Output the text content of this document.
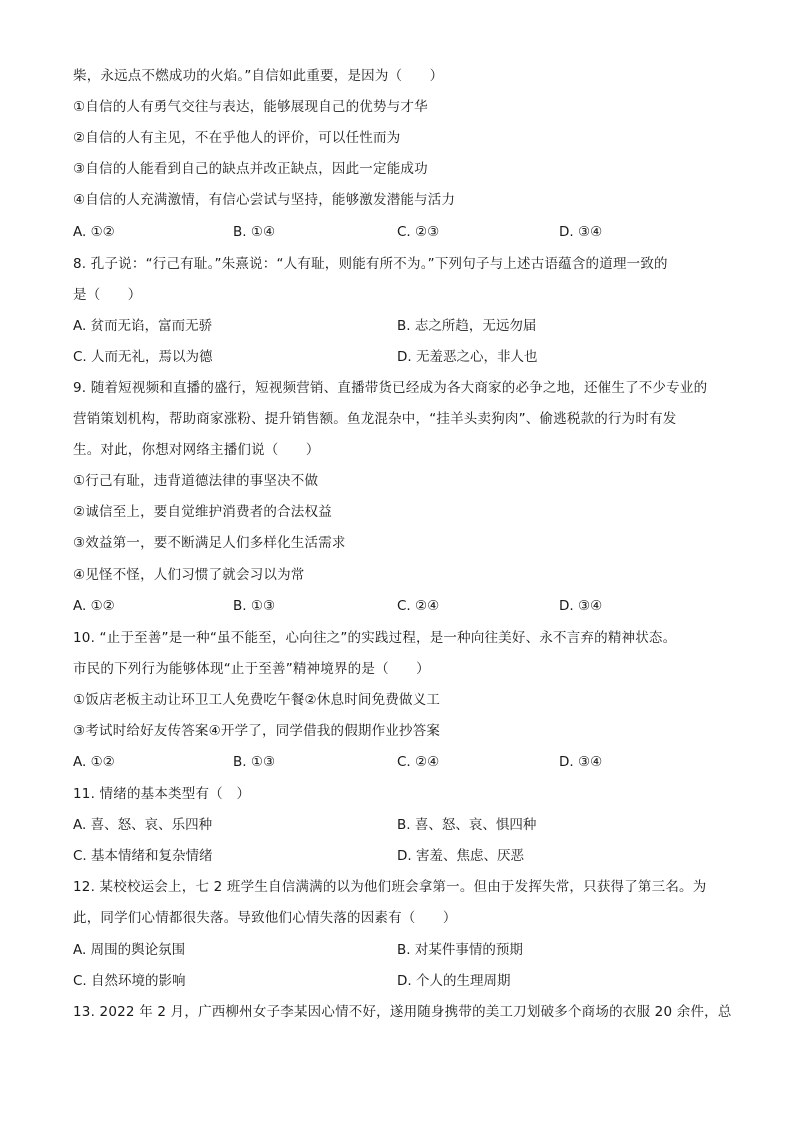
柴，永远点不燃成功的火焰。”自信如此重要，是因为（　　）
①自信的人有勇气交往与表达，能够展现自己的优势与才华
②自信的人有主见，不在乎他人的评价，可以任性而为
③自信的人能看到自己的缺点并改正缺点，因此一定能成功
④自信的人充满激情，有信心尝试与坚持，能够激发潜能与活力
A. ①②	B. ①④	C. ②③	D. ③④
8. 孔子说：“行己有耻。”朱熹说：“人有耻，则能有所不为。”下列句子与上述古语蕴含的道理一致的
是（　　）
A. 贫而无谄，富而无骄	B. 志之所趋，无远勿届
C. 人而无礼，焉以为德	D. 无羞恶之心，非人也
9. 随着短视频和直播的盛行，短视频营销、直播带货已经成为各大商家的必争之地，还催生了不少专业的
营销策划机构，帮助商家涨粉、提升销售额。鱼龙混杂中，“挂羊头卖狗肉”、偷逃税款的行为时有发
生。对此，你想对网络主播们说（　　）
①行己有耻，违背道德法律的事坚决不做
②诚信至上，要自觉维护消费者的合法权益
③效益第一，要不断满足人们多样化生活需求
④见怪不怪，人们习惯了就会习以为常
A. ①②	B. ①③	C. ②④	D. ③④
10. “止于至善”是一种“虽不能至，心向往之”的实践过程，是一种向往美好、永不言弃的精神状态。
市民的下列行为能够体现“止于至善”精神境界的是（　　）
①饭店老板主动让环卫工人免费吃午餐②休息时间免费做义工
③考试时给好友传答案④开学了，同学借我的假期作业抄答案
A. ①②	B. ①③	C. ②④	D. ③④
11. 情绪的基本类型有（　）
A. 喜、怒、哀、乐四种	B. 喜、怒、哀、惧四种
C. 基本情绪和复杂情绪	D. 害羞、焦虑、厌恶
12. 某校校运会上，七 2 班学生自信满满的以为他们班会拿第一。但由于发挥失常，只获得了第三名。为
此，同学们心情都很失落。导致他们心情失落的因素有（　　）
A. 周围的舆论氛围	B. 对某件事情的预期
C. 自然环境的影响	D. 个人的生理周期
13. 2022 年 2 月，广西柳州女子李某因心情不好，遂用随身携带的美工刀划破多个商场的衣服 20 余件，总
